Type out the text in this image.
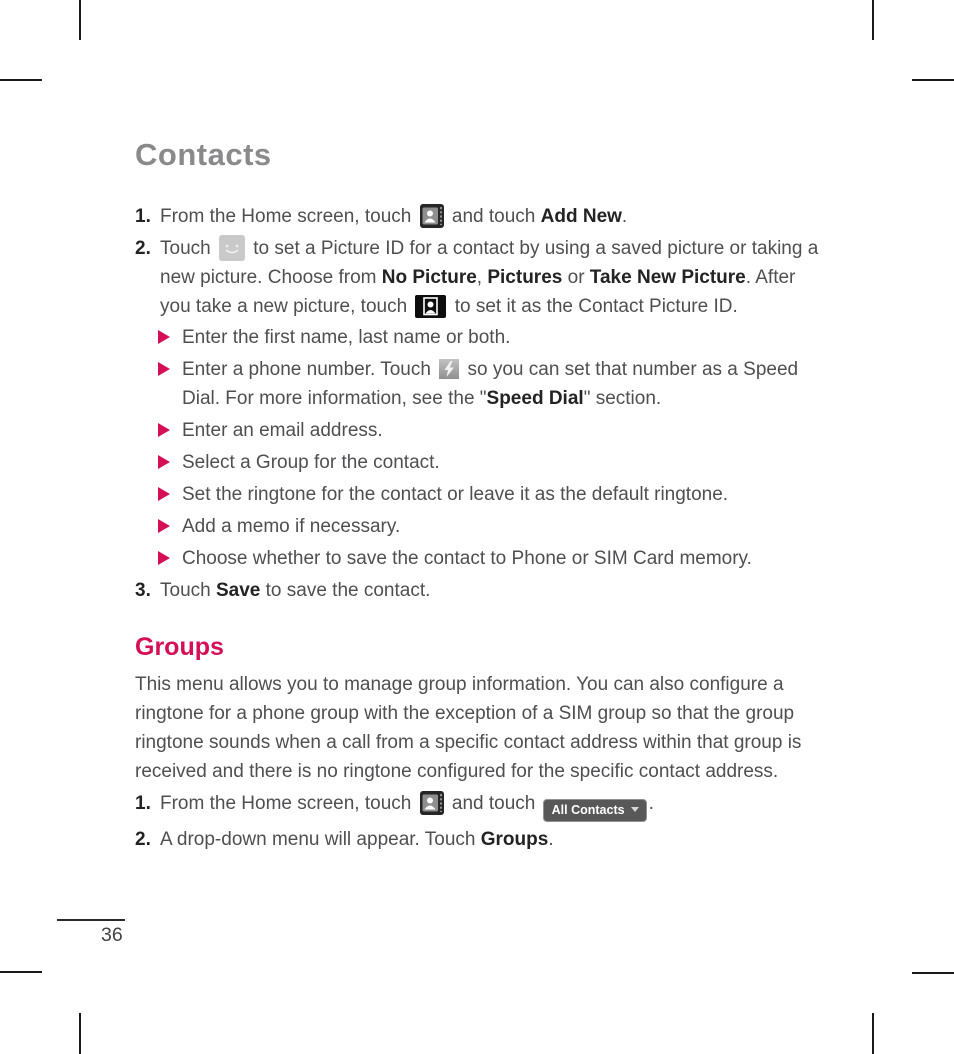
Contacts
1. From the Home screen, touch  and touch Add New.
2. Touch  to set a Picture ID for a contact by using a saved picture or taking a new picture. Choose from No Picture, Pictures or Take New Picture. After you take a new picture, touch  to set it as the Contact Picture ID.
Enter the first name, last name or both.
Enter a phone number. Touch  so you can set that number as a Speed Dial. For more information, see the "Speed Dial" section.
Enter an email address.
Select a Group for the contact.
Set the ringtone for the contact or leave it as the default ringtone.
Add a memo if necessary.
Choose whether to save the contact to Phone or SIM Card memory.
3. Touch Save to save the contact.
Groups

This menu allows you to manage group information. You can also configure a ringtone for a phone group with the exception of a SIM group so that the group ringtone sounds when a call from a specific contact address within that group is received and there is no ringtone configured for the specific contact address.

1. From the Home screen, touch  and touch All Contacts .
2. A drop-down menu will appear. Touch Groups.
36
